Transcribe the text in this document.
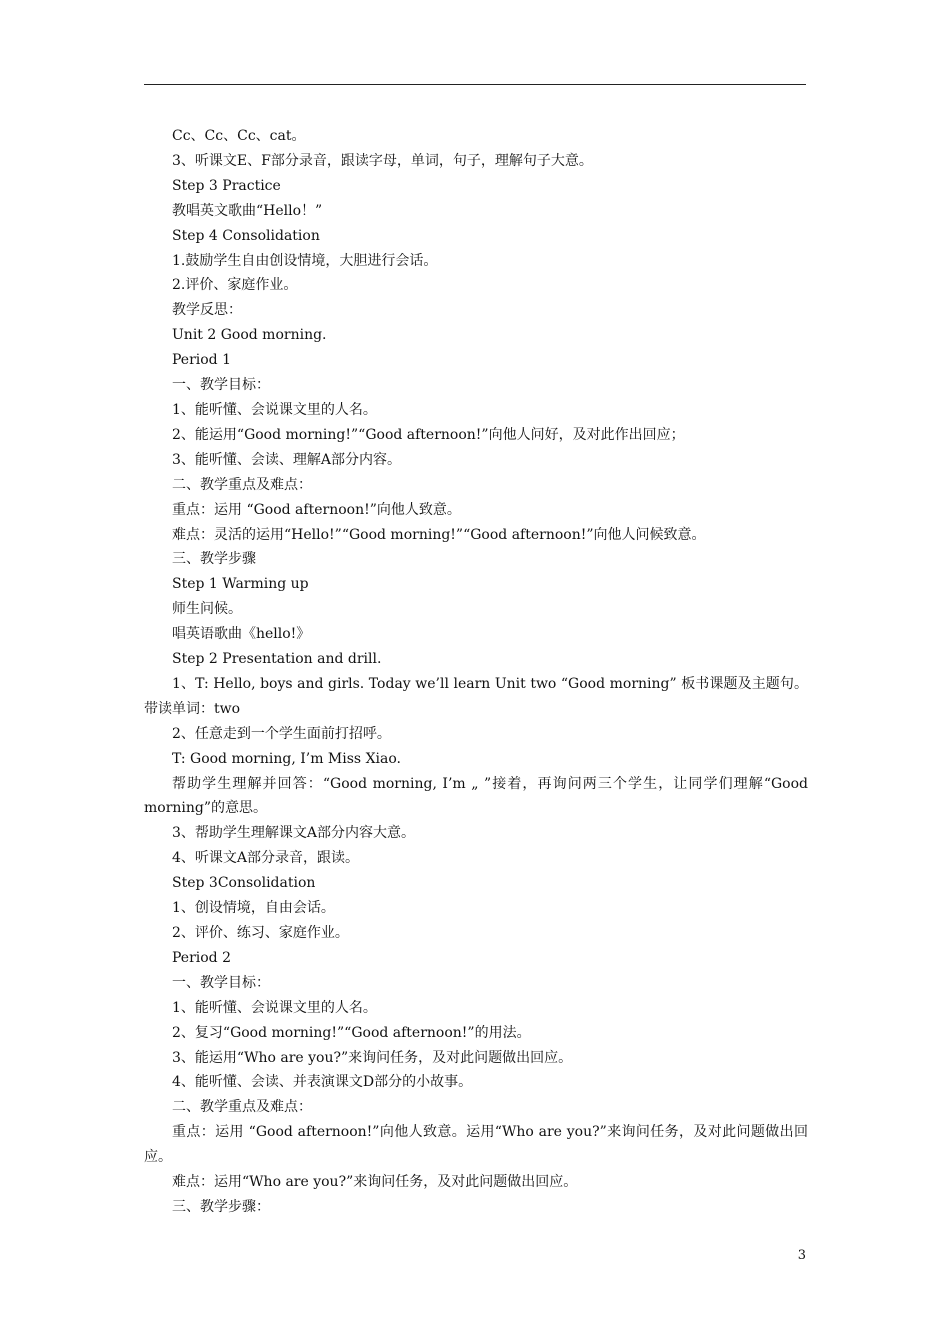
Cc、Cc、Cc、cat。
3、听课文E、F部分录音，跟读字母，单词，句子，理解句子大意。
Step 3 Practice
教唱英文歌曲“Hello！”
Step 4 Consolidation
1.鼓励学生自由创设情境，大胆进行会话。
2.评价、家庭作业。
教学反思：
Unit 2 Good morning.
Period 1
一、教学目标：
1、能听懂、会说课文里的人名。
2、能运用“Good morning!”“Good afternoon!”向他人问好，及对此作出回应；
3、能听懂、会读、理解A部分内容。
二、教学重点及难点：
重点：运用 “Good afternoon!”向他人致意。
难点：灵活的运用“Hello!”“Good morning!”“Good afternoon!”向他人问候致意。
三、教学步骤
Step 1 Warming up
师生问候。
唱英语歌曲《hello!》
Step 2 Presentation and drill.
1、T: Hello, boys and girls. Today we’ll learn Unit two “Good morning” 板书课题及主题句。带读单词：two
2、任意走到一个学生面前打招呼。
T: Good morning, I’m Miss Xiao.
帮助学生理解并回答：“Good morning, I’m „ ”接着，再询问两三个学生，让同学们理解“Good morning”的意思。
3、帮助学生理解课文A部分内容大意。
4、听课文A部分录音，跟读。
Step 3Consolidation
1、创设情境，自由会话。
2、评价、练习、家庭作业。
Period 2
一、教学目标：
1、能听懂、会说课文里的人名。
2、复习“Good morning!”“Good afternoon!”的用法。
3、能运用“Who are you?”来询问任务，及对此问题做出回应。
4、能听懂、会读、并表演课文D部分的小故事。
二、教学重点及难点：
重点：运用 “Good afternoon!”向他人致意。运用“Who are you?”来询问任务，及对此问题做出回应。
难点：运用“Who are you?”来询问任务，及对此问题做出回应。
三、教学步骤：
3
